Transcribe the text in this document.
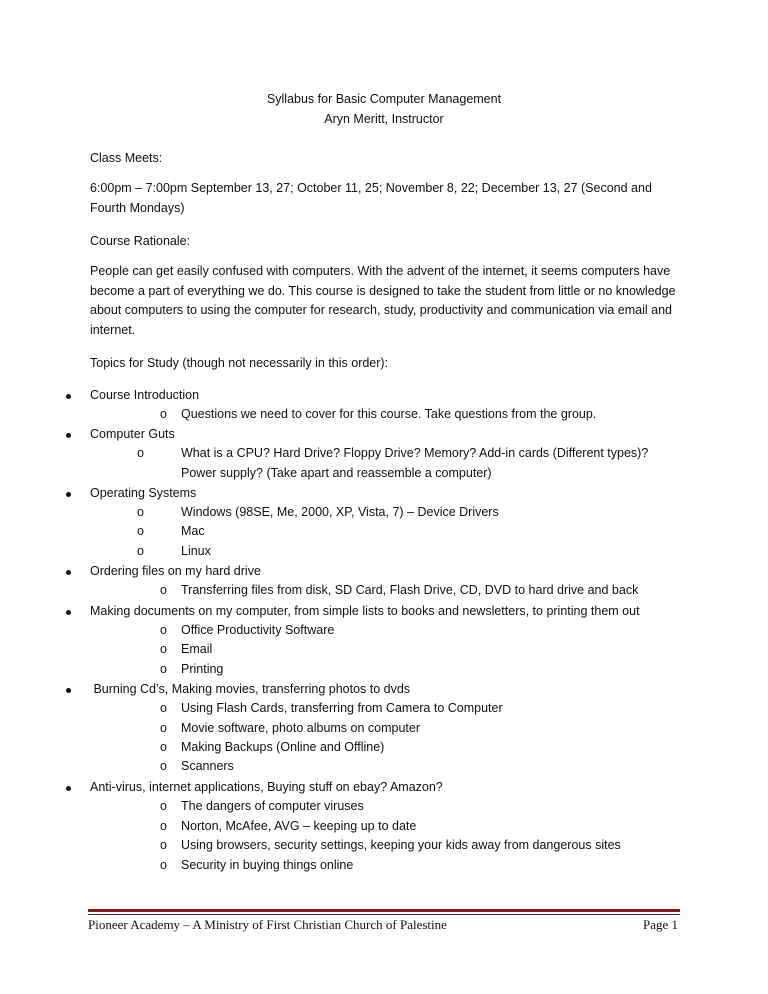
Syllabus for Basic Computer Management
Aryn Meritt, Instructor
Class Meets:
6:00pm – 7:00pm September 13, 27; October 11, 25; November 8, 22; December 13, 27 (Second and Fourth Mondays)
Course Rationale:
People can get easily confused with computers. With the advent of the internet, it seems computers have become a part of everything we do. This course is designed to take the student from little or no knowledge about computers to using the computer for research, study, productivity and communication via email and internet.
Topics for Study (though not necessarily in this order):
Course Introduction
o Questions we need to cover for this course. Take questions from the group.
Computer Guts
o	What is a CPU? Hard Drive? Floppy Drive? Memory? Add-in cards (Different types)?
Power supply? (Take apart and reassemble a computer)
Operating Systems
o	Windows (98SE, Me, 2000, XP, Vista, 7) – Device Drivers
o	Mac
o	Linux
Ordering files on my hard drive
o Transferring files from disk, SD Card, Flash Drive, CD, DVD to hard drive and back
Making documents on my computer, from simple lists to books and newsletters, to printing them out
o Office Productivity Software
o Email
o Printing
Burning Cd’s, Making movies, transferring photos to dvds
o Using Flash Cards, transferring from Camera to Computer
o Movie software, photo albums on computer
o Making Backups (Online and Offline)
o Scanners
Anti-virus, internet applications, Buying stuff on ebay? Amazon?
o The dangers of computer viruses
o Norton, McAfee, AVG – keeping up to date
o Using browsers, security settings, keeping your kids away from dangerous sites
o Security in buying things online
Pioneer Academy – A Ministry of First Christian Church of Palestine	Page 1
